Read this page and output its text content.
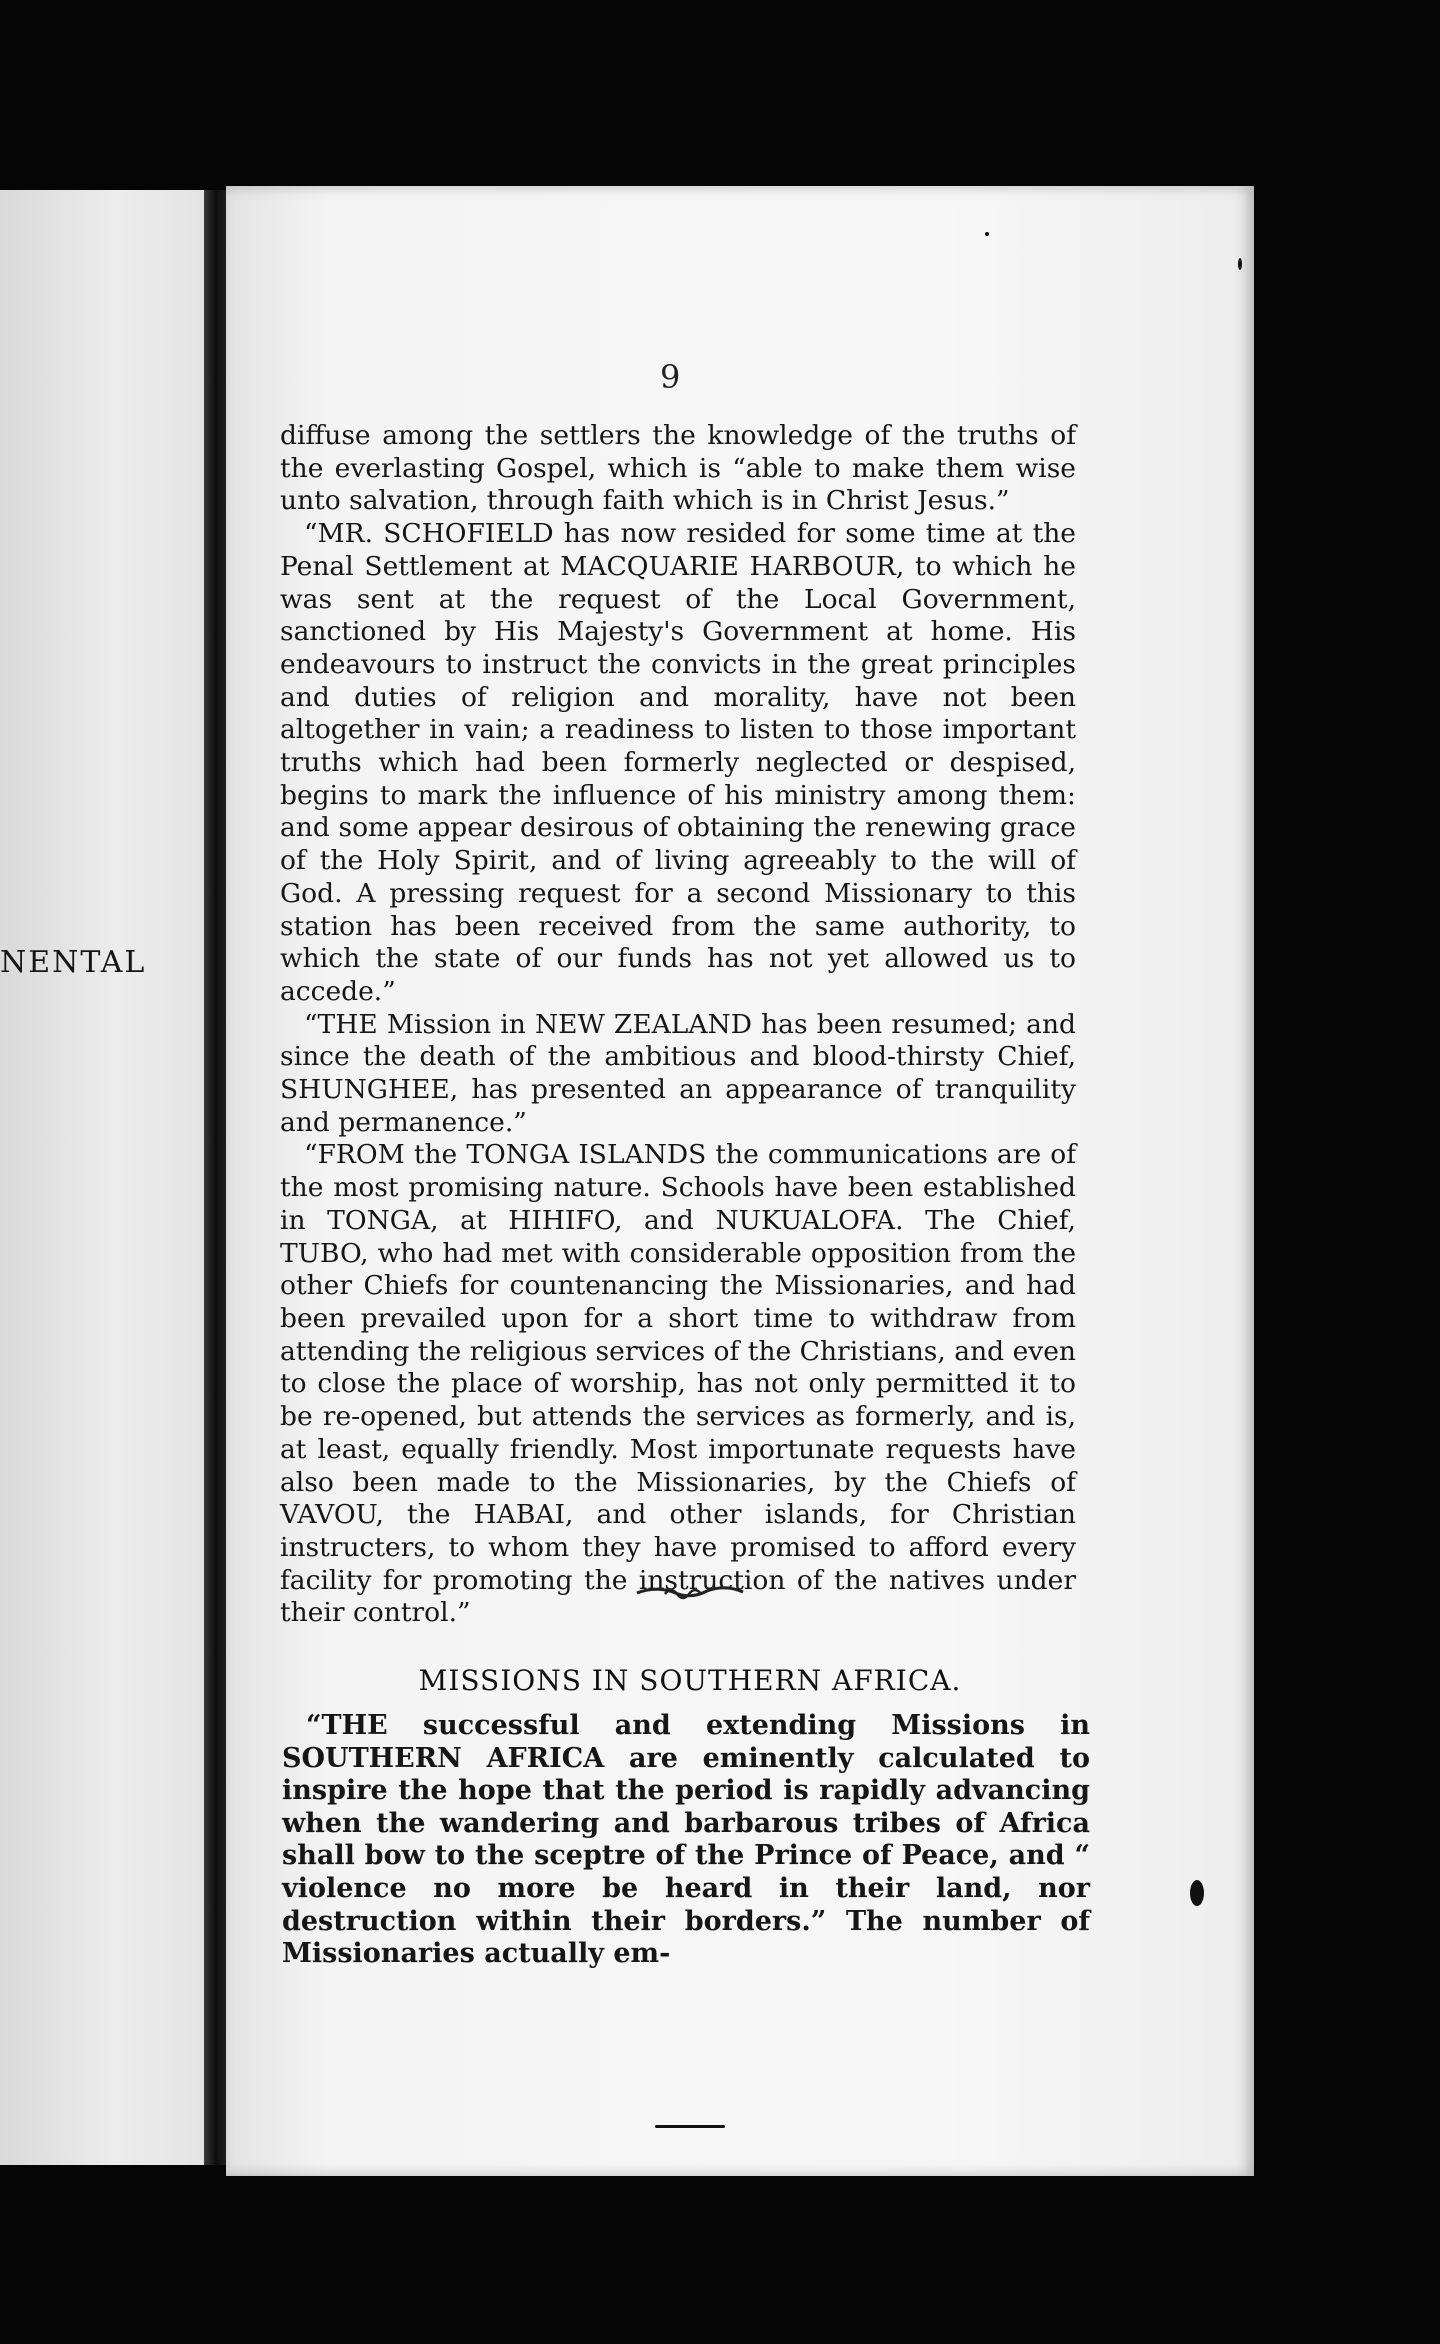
NENTAL
9

diffuse among the settlers the knowledge of the truths of the everlasting Gospel, which is “able to make them wise unto salvation, through faith which is in Christ Jesus.”

“MR. SCHOFIELD has now resided for some time at the Penal Settlement at MACQUARIE HARBOUR, to which he was sent at the request of the Local Government, sanctioned by His Majesty's Government at home. His endeavours to instruct the convicts in the great principles and duties of religion and morality, have not been altogether in vain; a readiness to listen to those important truths which had been formerly neglected or despised, begins to mark the influence of his ministry among them: and some appear desirous of obtaining the renewing grace of the Holy Spirit, and of living agreeably to the will of God. A pressing request for a second Missionary to this station has been received from the same authority, to which the state of our funds has not yet allowed us to accede.”

“THE Mission in NEW ZEALAND has been resumed; and since the death of the ambitious and blood-thirsty Chief, SHUNGHEE, has presented an appearance of tranquility and permanence.”

“FROM the TONGA ISLANDS the communications are of the most promising nature. Schools have been established in TONGA, at HIHIFO, and NUKUALOFA. The Chief, TUBO, who had met with considerable opposition from the other Chiefs for countenancing the Missionaries, and had been prevailed upon for a short time to withdraw from attending the religious services of the Christians, and even to close the place of worship, has not only permitted it to be re-opened, but attends the services as formerly, and is, at least, equally friendly. Most importunate requests have also been made to the Missionaries, by the Chiefs of VAVOU, the HABAI, and other islands, for Christian instructers, to whom they have promised to afford every facility for promoting the instruction of the natives under their control.”

MISSIONS IN SOUTHERN AFRICA.
“THE successful and extending Missions in SOUTHERN AFRICA are eminently calculated to inspire the hope that the period is rapidly advancing when the wandering and barbarous tribes of Africa shall bow to the sceptre of the Prince of Peace, and “ violence no more be heard in their land, nor destruction within their borders.” The number of Missionaries actually em-
